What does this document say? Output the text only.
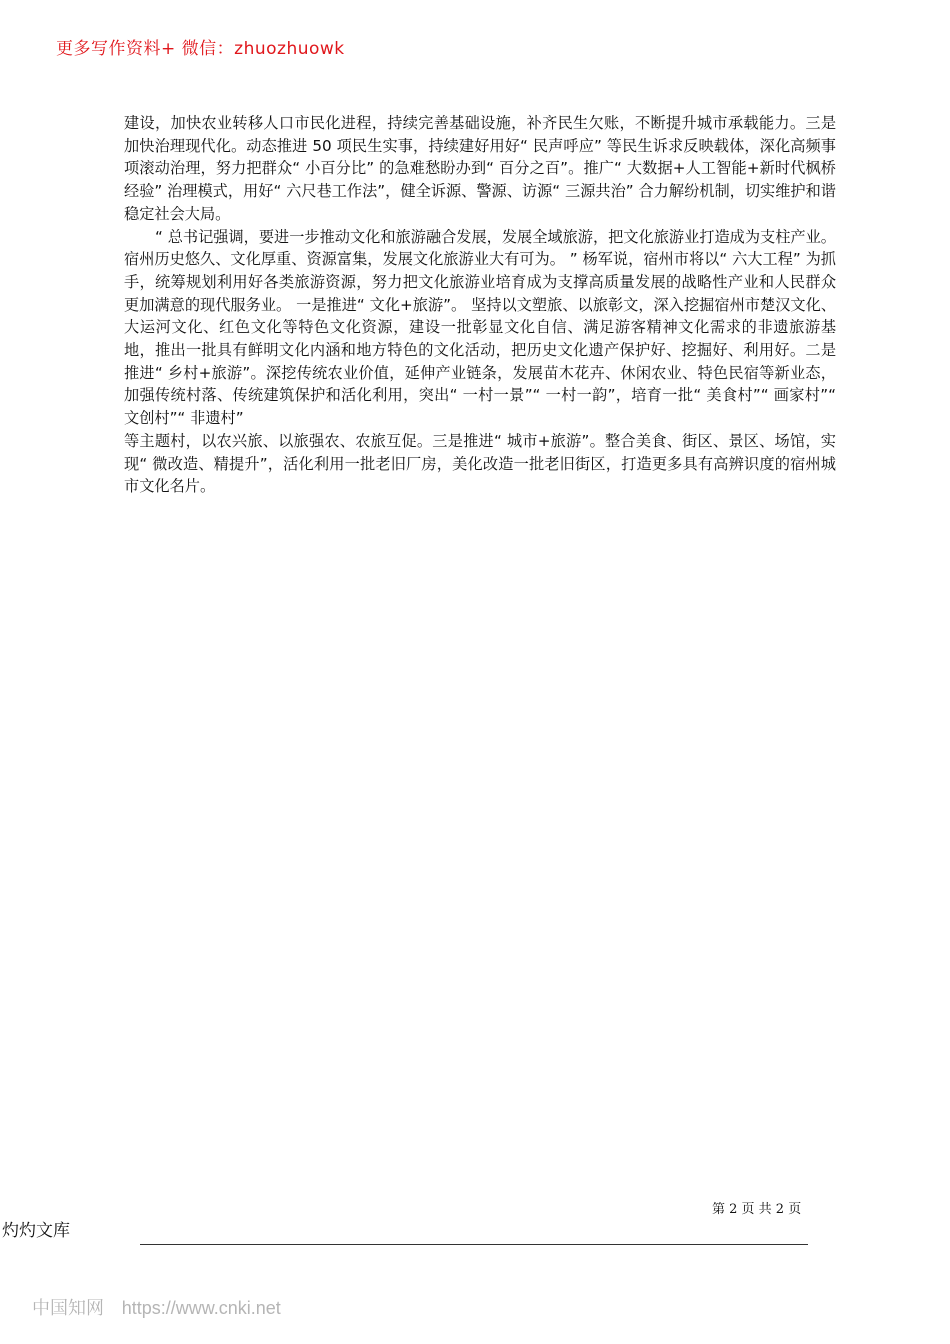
更多写作资料+ 微信：zhuozhuowk

建设，加快农业转移人口市民化进程，持续完善基础设施，补齐民生欠账，不断提升城市承载能力。三是加快治理现代化。动态推进 50 项民生实事，持续建好用好“ 民声呼应” 等民生诉求反映载体，深化高频事项滚动治理，努力把群众“ 小百分比” 的急难愁盼办到“ 百分之百”。推广“ 大数据+人工智能+新时代枫桥经验” 治理模式，用好“ 六尺巷工作法”，健全诉源、警源、访源“ 三源共治” 合力解纷机制，切实维护和谐稳定社会大局。

“ 总书记强调，要进一步推动文化和旅游融合发展，发展全域旅游，把文化旅游业打造成为支柱产业。宿州历史悠久、文化厚重、资源富集，发展文化旅游业大有可为。 ” 杨军说，宿州市将以“ 六大工程” 为抓手，统筹规划利用好各类旅游资源，努力把文化旅游业培育成为支撑高质量发展的战略性产业和人民群众更加满意的现代服务业。 一是推进“ 文化+旅游”。 坚持以文塑旅、以旅彰文，深入挖掘宿州市楚汉文化、大运河文化、红色文化等特色文化资源，建设一批彰显文化自信、满足游客精神文化需求的非遗旅游基地，推出一批具有鲜明文化内涵和地方特色的文化活动，把历史文化遗产保护好、挖掘好、利用好。二是推进“ 乡村+旅游”。深挖传统农业价值，延伸产业链条，发展苗木花卉、休闲农业、特色民宿等新业态，加强传统村落、传统建筑保护和活化利用，突出“ 一村一景”“ 一村一韵”，培育一批“ 美食村”“ 画家村”“ 文创村”“ 非遗村”

等主题村，以农兴旅、以旅强农、农旅互促。三是推进“ 城市+旅游”。整合美食、街区、景区、场馆，实现“ 微改造、精提升”，活化利用一批老旧厂房，美化改造一批老旧街区，打造更多具有高辨识度的宿州城市文化名片。

第 2 页 共 2 页
灼灼文库
中国知网 https://www.cnki.net
